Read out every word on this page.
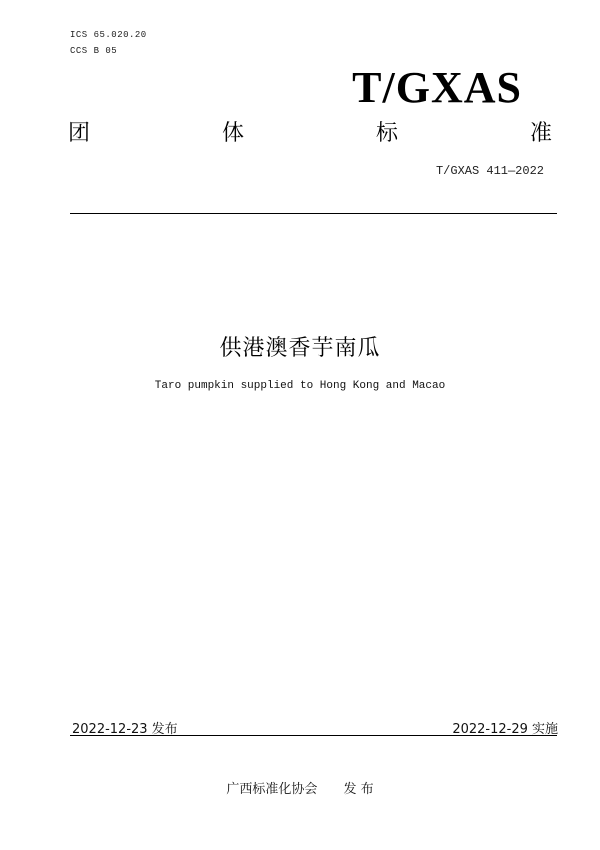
ICS 65.020.20
CCS B 05
T/GXAS
团	体	标	准
T/GXAS 411—2022
供港澳香芋南瓜
Taro pumpkin supplied to Hong Kong and Macao
2022-12-23 发布	2022-12-29 实施
广西标准化协会 发 布
